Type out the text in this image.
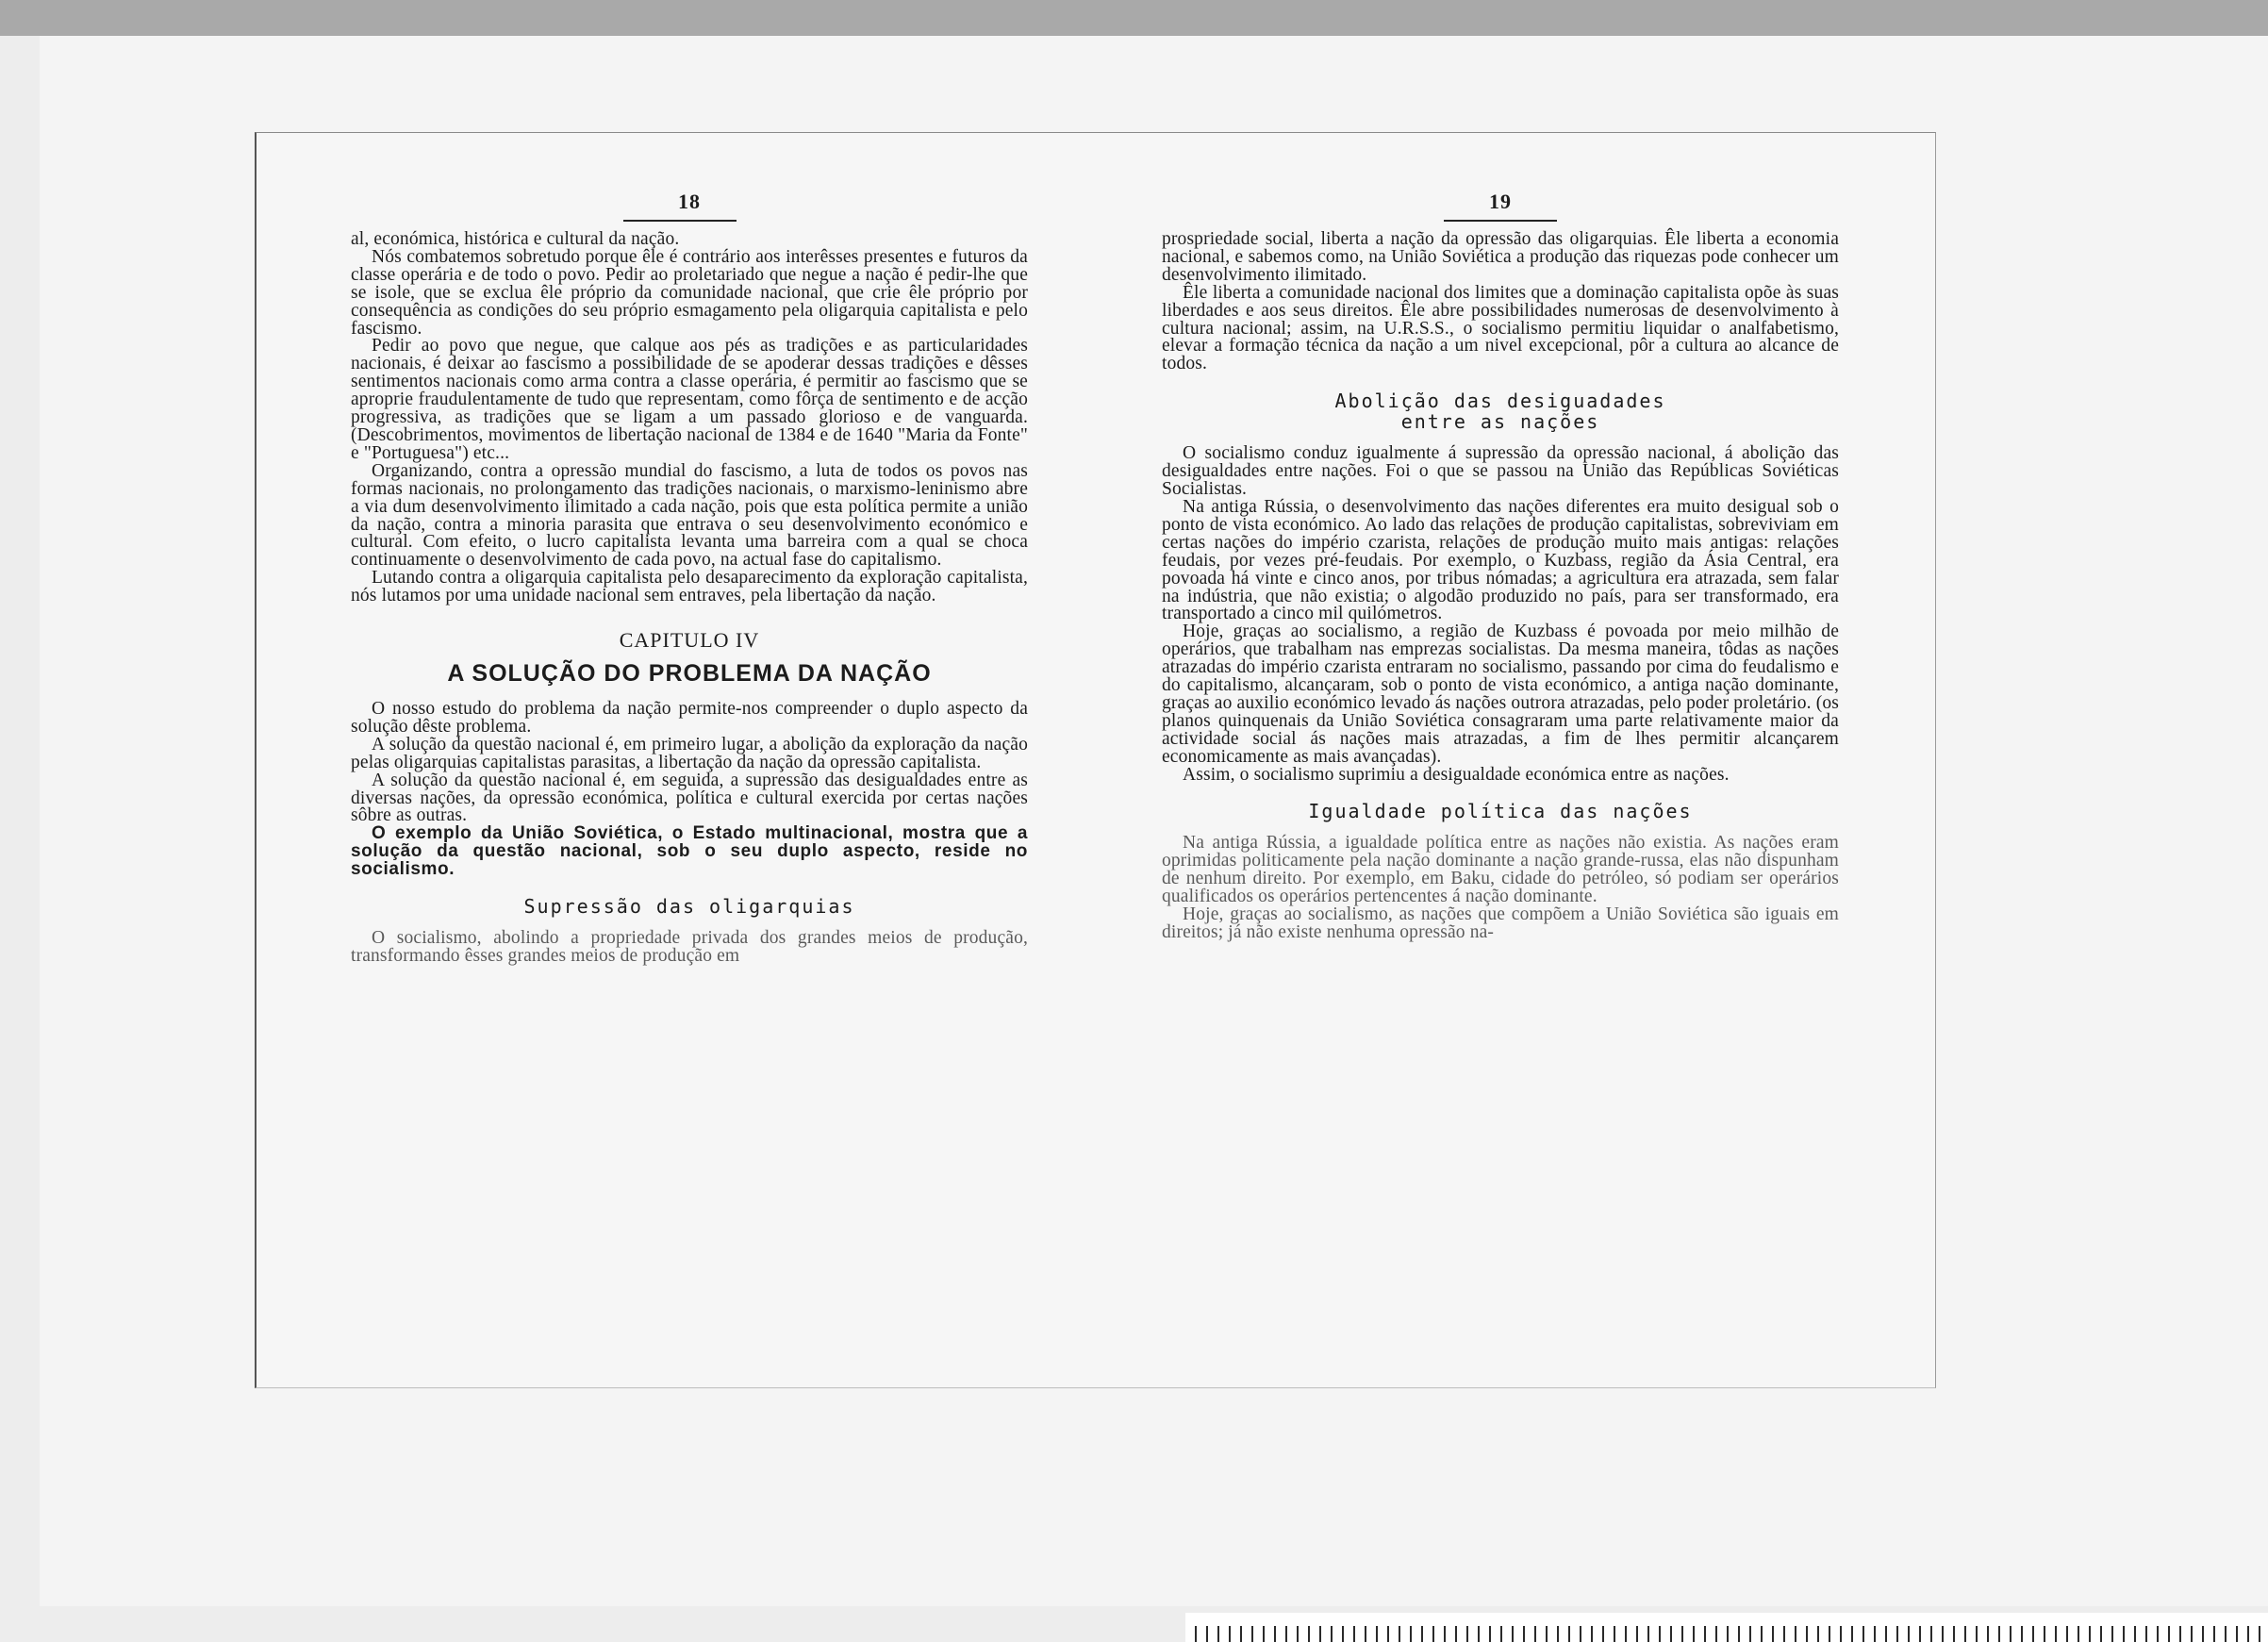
18

al, económica, histórica e cultural da nação.

Nós combatemos sobretudo porque êle é contrário aos interêsses presentes e futuros da classe operária e de todo o povo. Pedir ao proletariado que negue a nação é pedir-lhe que se isole, que se exclua êle próprio da comunidade nacional, que crie êle próprio por consequência as condições do seu próprio esmagamento pela oligarquia capitalista e pelo fascismo.

Pedir ao povo que negue, que calque aos pés as tradições e as particularidades nacionais, é deixar ao fascismo a possibilidade de se apoderar dessas tradições e dêsses sentimentos nacionais como arma contra a classe operária, é permitir ao fascismo que se aproprie fraudulentamente de tudo que representam, como fôrça de sentimento e de acção progressiva, as tradições que se ligam a um passado glorioso e de vanguarda. (Descobrimentos, movimentos de libertação nacional de 1384 e de 1640 "Maria da Fonte" e "Portuguesa") etc...

Organizando, contra a opressão mundial do fascismo, a luta de todos os povos nas formas nacionais, no prolongamento das tradições nacionais, o marxismo-leninismo abre a via dum desenvolvimento ilimitado a cada nação, pois que esta política permite a união da nação, contra a minoria parasita que entrava o seu desenvolvimento económico e cultural. Com efeito, o lucro capitalista levanta uma barreira com a qual se choca continuamente o desenvolvimento de cada povo, na actual fase do capitalismo.

Lutando contra a oligarquia capitalista pelo desaparecimento da exploração capitalista, nós lutamos por uma unidade nacional sem entraves, pela libertação da nação.

CAPITULO IV
A SOLUÇÃO DO PROBLEMA DA NAÇÃO

O nosso estudo do problema da nação permite-nos compreender o duplo aspecto da solução dêste problema.

A solução da questão nacional é, em primeiro lugar, a abolição da exploração da nação pelas oligarquias capitalistas parasitas, a libertação da nação da opressão capitalista.

A solução da questão nacional é, em seguida, a supressão das desigualdades entre as diversas nações, da opressão económica, política e cultural exercida por certas nações sôbre as outras.

O exemplo da União Soviética, o Estado multinacional, mostra que a solução da questão nacional, sob o seu duplo aspecto, reside no socialismo.

Supressão das oligarquias

O socialismo, abolindo a propriedade privada dos grandes meios de produção, transformando êsses grandes meios de produção em

19

prospriedade social, liberta a nação da opressão das oligarquias. Êle liberta a economia nacional, e sabemos como, na União Soviética a produção das riquezas pode conhecer um desenvolvimento ilimitado.

Êle liberta a comunidade nacional dos limites que a dominação capitalista opõe às suas liberdades e aos seus direitos. Êle abre possibilidades numerosas de desenvolvimento à cultura nacional; assim, na U.R.S.S., o socialismo permitiu liquidar o analfabetismo, elevar a formação técnica da nação a um nivel excepcional, pôr a cultura ao alcance de todos.

Abolição das desiguadades
entre as nações

O socialismo conduz igualmente á supressão da opressão nacional, á abolição das desigualdades entre nações. Foi o que se passou na União das Repúblicas Soviéticas Socialistas.

Na antiga Rússia, o desenvolvimento das nações diferentes era muito desigual sob o ponto de vista económico. Ao lado das relações de produção capitalistas, sobreviviam em certas nações do império czarista, relações de produção muito mais antigas: relações feudais, por vezes pré-feudais. Por exemplo, o Kuzbass, região da Ásia Central, era povoada há vinte e cinco anos, por tribus nómadas; a agricultura era atrazada, sem falar na indústria, que não existia; o algodão produzido no país, para ser transformado, era transportado a cinco mil quilómetros.

Hoje, graças ao socialismo, a região de Kuzbass é povoada por meio milhão de operários, que trabalham nas emprezas socialistas. Da mesma maneira, tôdas as nações atrazadas do império czarista entraram no socialismo, passando por cima do feudalismo e do capitalismo, alcançaram, sob o ponto de vista económico, a antiga nação dominante, graças ao auxilio económico levado ás nações outrora atrazadas, pelo poder proletário. (os planos quinquenais da União Soviética consagraram uma parte relativamente maior da actividade social ás nações mais atrazadas, a fim de lhes permitir alcançarem economicamente as mais avançadas).

Assim, o socialismo suprimiu a desigualdade económica entre as nações.

Igualdade política das nações

Na antiga Rússia, a igualdade política entre as nações não existia. As nações eram oprimidas politicamente pela nação dominante a nação grande-russa, elas não dispunham de nenhum direito. Por exemplo, em Baku, cidade do petróleo, só podiam ser operários qualificados os operários pertencentes á nação dominante.

Hoje, graças ao socialismo, as nações que compõem a União Soviética são iguais em direitos; já não existe nenhuma opressão na-
